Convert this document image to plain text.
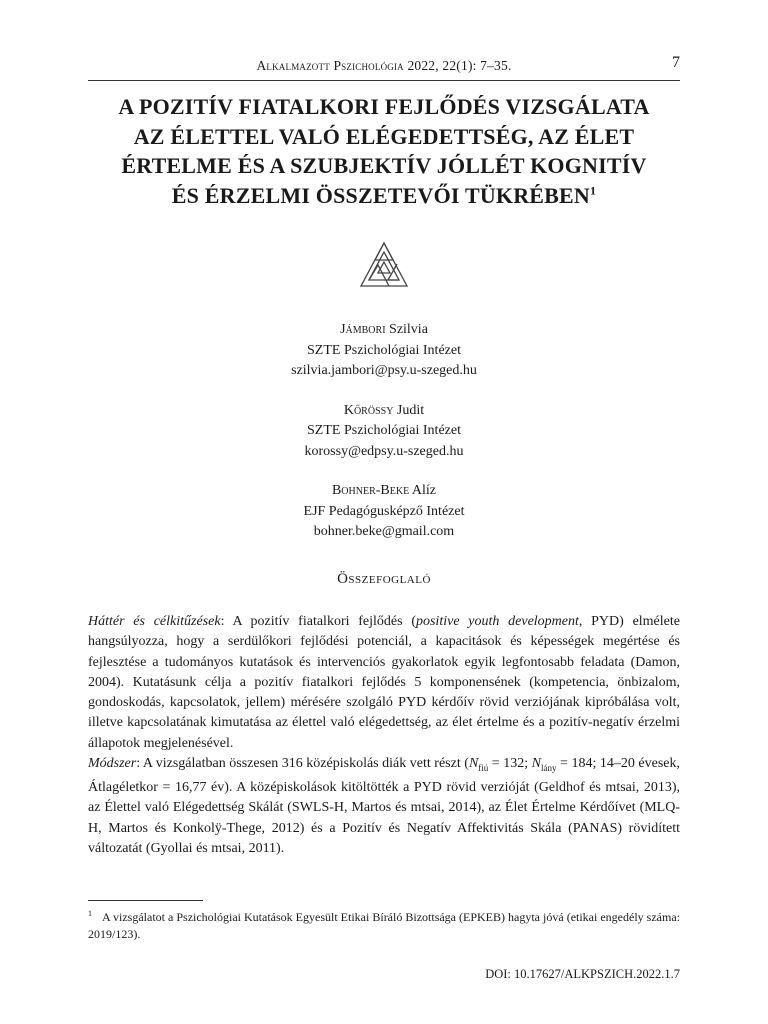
Alkalmazott Pszichológia 2022, 22(1): 7–35.	7
A POZITÍV FIATALKORI FEJLŐDÉS VIZSGÁLATA
AZ ÉLETTEL VALÓ ELÉGEDETTSÉG, AZ ÉLET
ÉRTELME ÉS A SZUBJEKTÍV JÓLLÉT KOGNITÍV
ÉS ÉRZELMI ÖSSZETEVŐI TÜKRÉBEN$^1$
Jámbori Szilvia
SZTE Pszichológiai Intézet
szilvia.jambori@psy.u-szeged.hu
Kőrössy Judit
SZTE Pszichológiai Intézet
korossy@edpsy.u-szeged.hu
Bohner-Beke Alíz
EJF Pedagógusképző Intézet
bohner.beke@gmail.com
Összefoglaló

Háttér és célkitűzések: A pozitív fiatalkori fejlődés (positive youth development, PYD) elmélete hangsúlyozza, hogy a serdülőkori fejlődési potenciál, a kapacitások és képességek megértése és fejlesztése a tudományos kutatások és intervenciós gyakorlatok egyik legfontosabb feladata (Damon, 2004). Kutatásunk célja a pozitív fiatalkori fejlődés 5 komponensének (kompetencia, önbizalom, gondoskodás, kapcsolatok, jellem) mérésére szolgáló PYD kérdőív rövid verziójának kipróbálása volt, illetve kapcsolatának kimutatása az élettel való elégedettség, az élet értelme és a pozitív-negatív érzelmi állapotok megjelenésével.

Módszer: A vizsgálatban összesen 316 középiskolás diák vett részt ($N_{fiú} = 132$; $N_{lány} = 184$; 14–20 évesek, Átlagéletkor = 16,77 év). A középiskolások kitöltötték a PYD rövid verzióját (Geldhof és mtsai, 2013), az Élettel való Elégedettség Skálát (SWLS-H, Martos és mtsai, 2014), az Élet Értelme Kérdőívet (MLQ-H, Martos és Konkolÿ-Thege, 2012) és a Pozitív és Negatív Affektivitás Skála (PANAS) rövidített változatát (Gyollai és mtsai, 2011).

$^1$ A vizsgálatot a Pszichológiai Kutatások Egyesült Etikai Bíráló Bizottsága (EPKEB) hagyta jóvá (etikai engedély száma: 2019/123).
DOI: 10.17627/ALKPSZICH.2022.1.7
